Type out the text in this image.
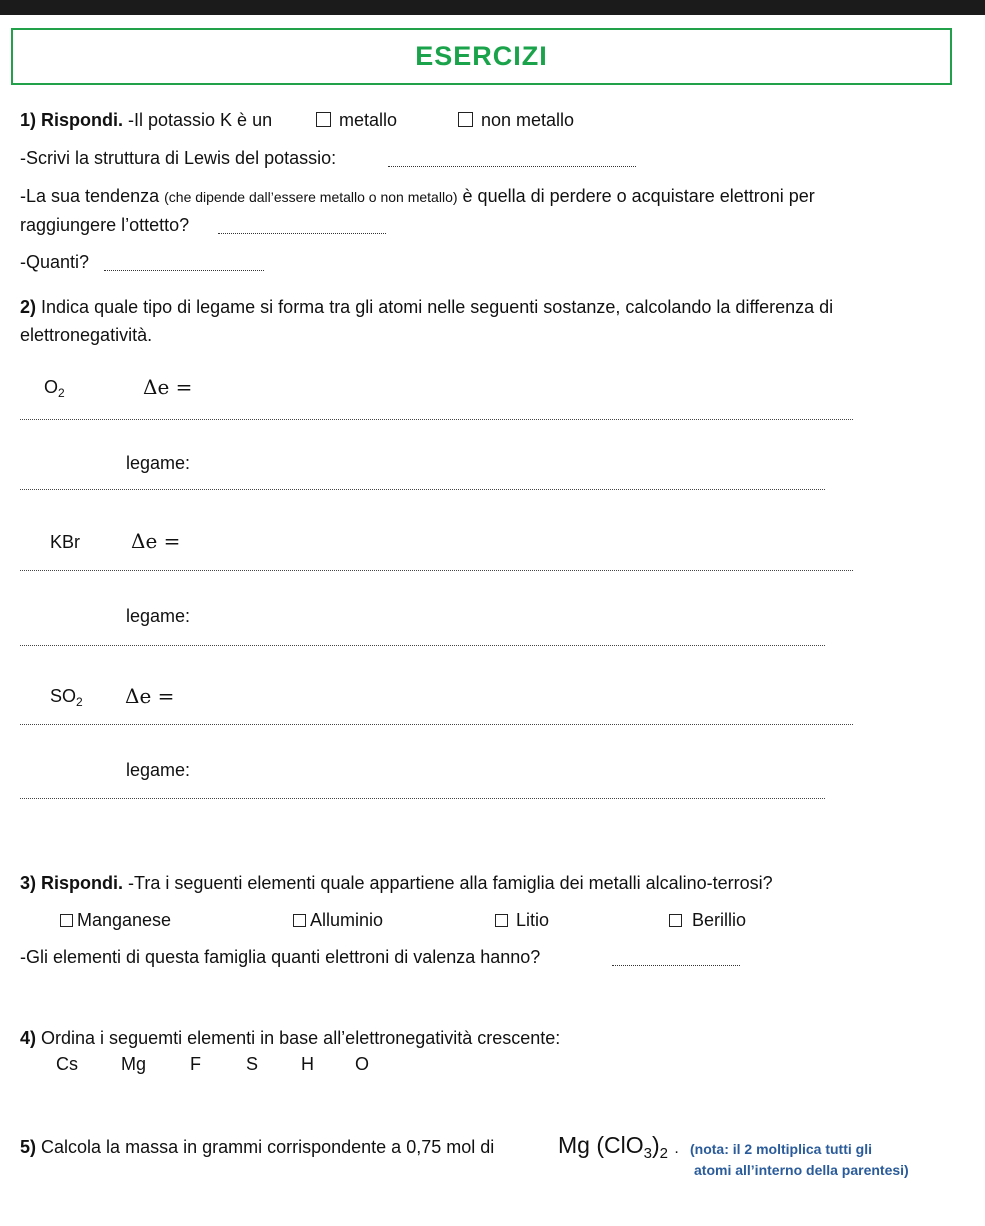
ESERCIZI
1) Rispondi. -Il potassio K è un	metallo	non metallo
-Scrivi la struttura di Lewis del potassio:
-La sua tendenza (che dipende dall’essere metallo o non metallo) è quella di perdere o acquistare elettroni per
raggiungere l’ottetto?
-Quanti?
2) Indica quale tipo di legame si forma tra gli atomi nelle seguenti sostanze, calcolando la differenza di
elettronegatività.
$O_2$	Δe =
legame:
KBr	Δe =
legame:
$SO_2$ Δe =
legame:
3) Rispondi. -Tra i seguenti elementi quale appartiene alla famiglia dei metalli alcalino-terrosi?
Manganese	Alluminio	Litio	Berillio
-Gli elementi di questa famiglia quanti elettroni di valenza hanno?
4) Ordina i seguemti elementi in base all’elettronegatività crescente:
Cs Mg F	S H O
5) Calcola la massa in grammi corrispondente a 0,75 mol di	Mg $(ClO_3)_2$ . (nota: il 2 moltiplica tutti gli
atomi all’interno della parentesi)
